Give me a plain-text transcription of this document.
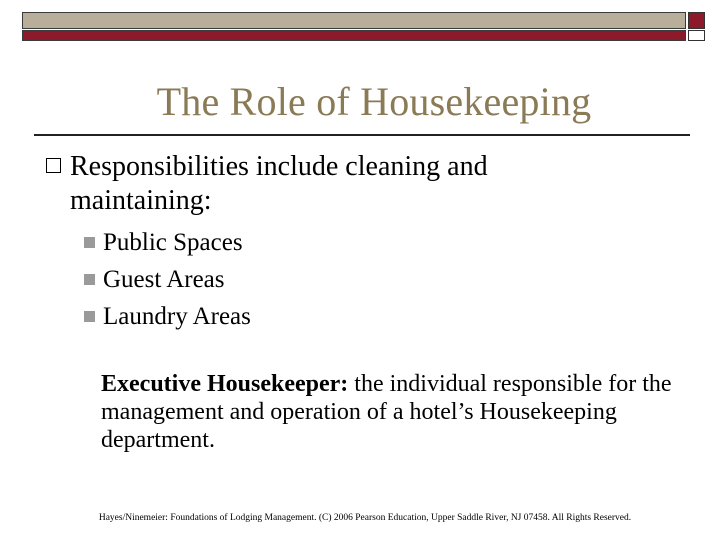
The Role of Housekeeping
Responsibilities include cleaning and
maintaining:
Public Spaces
Guest Areas
Laundry Areas
Executive Housekeeper: the individual responsible for the management and operation of a hotel’s Housekeeping department.
Hayes/Ninemeier: Foundations of Lodging Management. (C) 2006 Pearson Education, Upper Saddle River, NJ 07458. All Rights Reserved.
